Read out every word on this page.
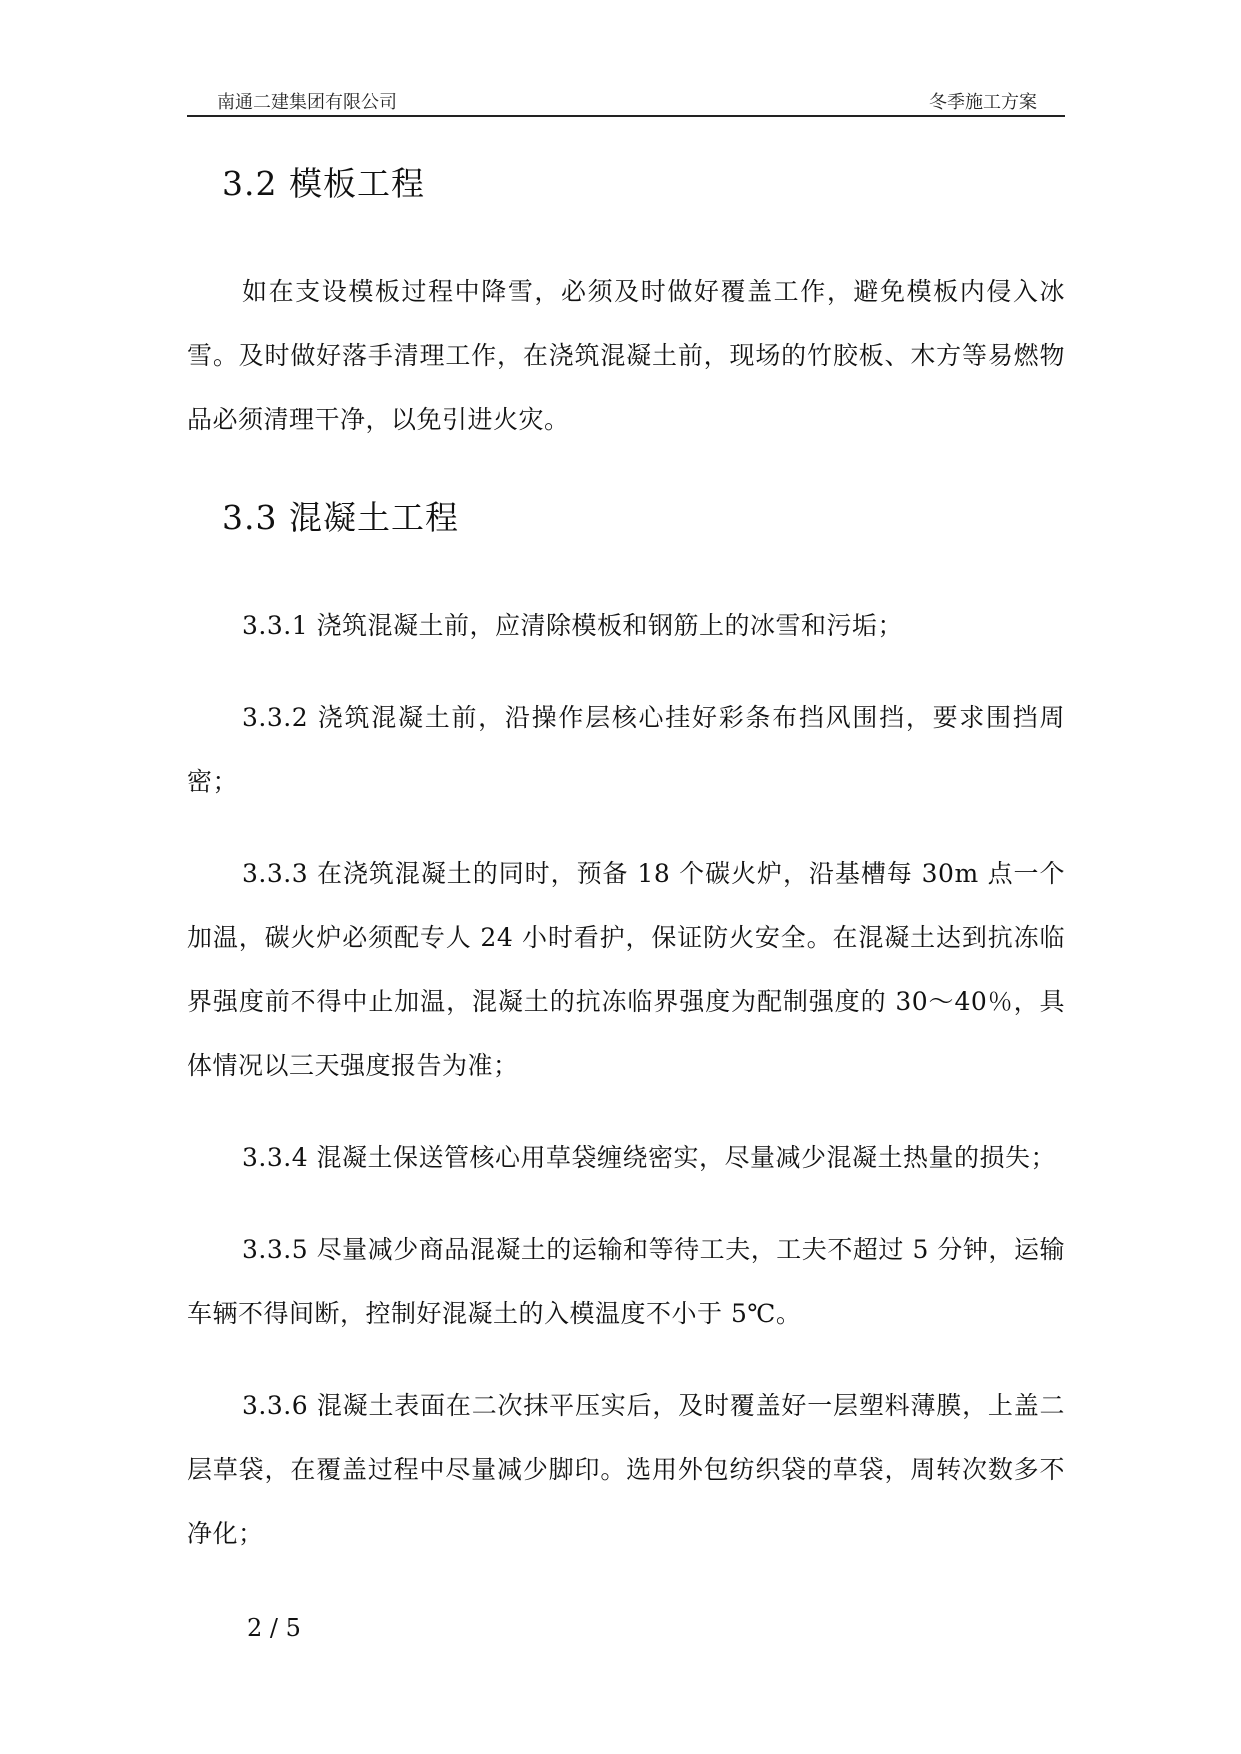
南通二建集团有限公司	冬季施工方案
3.2 模板工程

如在支设模板过程中降雪，必须及时做好覆盖工作，避免模板内侵入冰雪。及时做好落手清理工作，在浇筑混凝土前，现场的竹胶板、木方等易燃物品必须清理干净，以免引进火灾。

3.3 混凝土工程

3.3.1 浇筑混凝土前，应清除模板和钢筋上的冰雪和污垢；

3.3.2 浇筑混凝土前，沿操作层核心挂好彩条布挡风围挡，要求围挡周密；

3.3.3 在浇筑混凝土的同时，预备 18 个碳火炉，沿基槽每 30m 点一个加温，碳火炉必须配专人 24 小时看护，保证防火安全。在混凝土达到抗冻临界强度前不得中止加温，混凝土的抗冻临界强度为配制强度的 30～40％，具体情况以三天强度报告为准；

3.3.4 混凝土保送管核心用草袋缠绕密实，尽量减少混凝土热量的损失；

3.3.5 尽量减少商品混凝土的运输和等待工夫，工夫不超过 5 分钟，运输车辆不得间断，控制好混凝土的入模温度不小于 5℃。

3.3.6 混凝土表面在二次抹平压实后，及时覆盖好一层塑料薄膜，上盖二层草袋，在覆盖过程中尽量减少脚印。选用外包纺织袋的草袋，周转次数多不净化；

2 / 5
